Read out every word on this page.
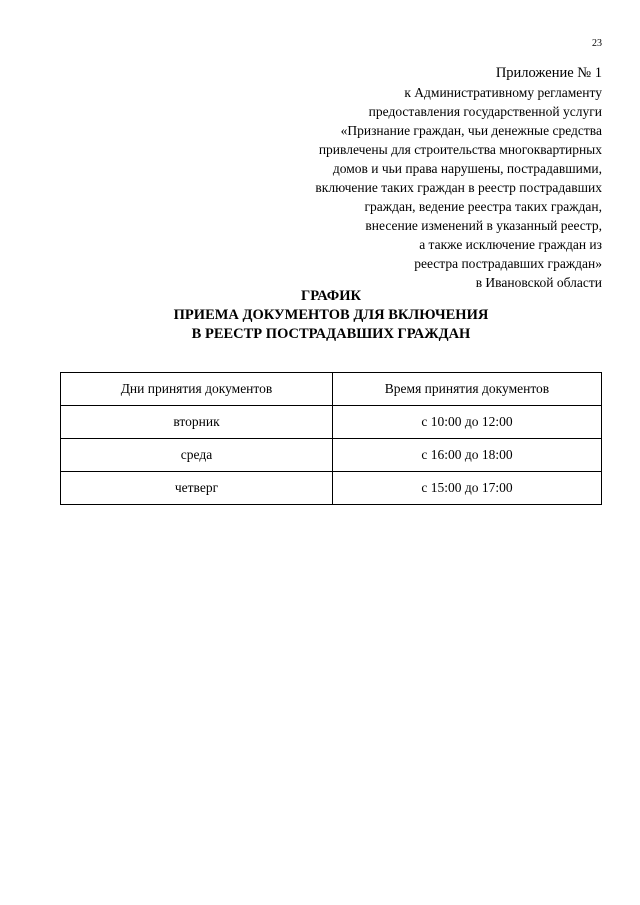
23
Приложение № 1
к Административному регламенту
предоставления государственной услуги
«Признание граждан, чьи денежные средства
привлечены для строительства многоквартирных
домов и чьи права нарушены, пострадавшими,
включение таких граждан в реестр пострадавших
граждан, ведение реестра таких граждан,
внесение изменений в указанный реестр,
а также исключение граждан из
реестра пострадавших граждан»
в Ивановской области
ГРАФИК
ПРИЕМА ДОКУМЕНТОВ ДЛЯ ВКЛЮЧЕНИЯ
В РЕЕСТР ПОСТРАДАВШИХ ГРАЖДАН
Дни принятия документов	Время принятия документов
вторник	с 10:00 до 12:00
среда	с 16:00 до 18:00
четверг	с 15:00 до 17:00
